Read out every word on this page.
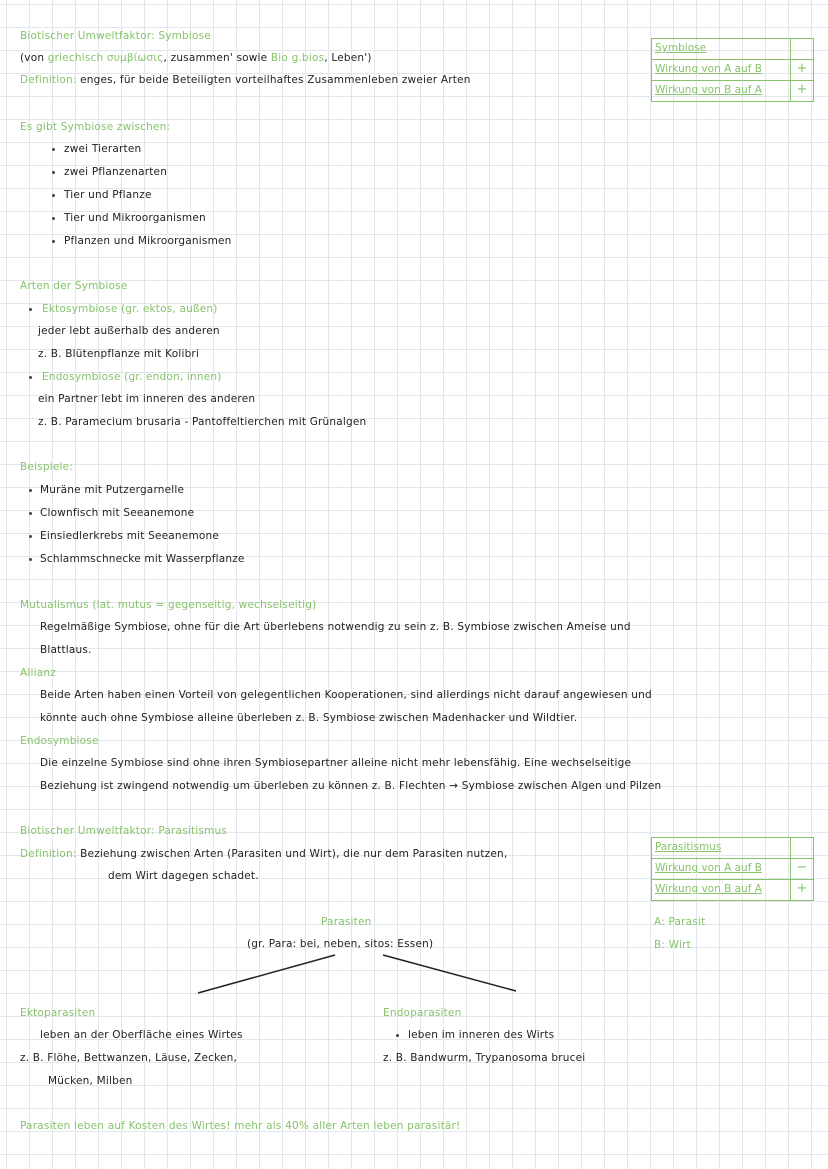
Biotischer Umweltfaktor: Symbiose
(von griechisch συμβίωσις, zusammen' sowie Bio g.bios, Leben')
Definition: enges, für beide Beteiligten vorteilhaftes Zusammenleben zweier Arten
Symbiose
Wirkung von A auf B	+
Wirkung von B auf A	+
Es gibt Symbiose zwischen:
zwei Tierarten
zwei Pflanzenarten
Tier und Pflanze
Tier und Mikroorganismen
Pflanzen und Mikroorganismen
Arten der Symbiose
Ektosymbiose (gr. ektos, außen)
jeder lebt außerhalb des anderen
z. B. Blütenpflanze mit Kolibri
Endosymbiose (gr. endon, innen)
ein Partner lebt im inneren des anderen
z. B. Paramecium brusaria - Pantoffeltierchen mit Grünalgen
Beispiele:
Muräne mit Putzergarnelle
Clownfisch mit Seeanemone
Einsiedlerkrebs mit Seeanemone
Schlammschnecke mit Wasserpflanze
Mutualismus (lat. mutus = gegenseitig, wechselseitig)
Regelmäßige Symbiose, ohne für die Art überlebens notwendig zu sein z. B. Symbiose zwischen Ameise und
Blattlaus.
Allianz
Beide Arten haben einen Vorteil von gelegentlichen Kooperationen, sind allerdings nicht darauf angewiesen und
könnte auch ohne Symbiose alleine überleben z. B. Symbiose zwischen Madenhacker und Wildtier.
Endosymbiose
Die einzelne Symbiose sind ohne ihren Symbiosepartner alleine nicht mehr lebensfähig. Eine wechselseitige
Beziehung ist zwingend notwendig um überleben zu können z. B. Flechten → Symbiose zwischen Algen und Pilzen
Biotischer Umweltfaktor: Parasitismus
Definition: Beziehung zwischen Arten (Parasiten und Wirt), die nur dem Parasiten nutzen,
dem Wirt dagegen schadet.
Parasitismus
Wirkung von A auf B	−
Wirkung von B auf A	+
A: Parasit
B: Wirt
Parasiten
(gr. Para: bei, neben, sitos: Essen)
Ektoparasiten
leben an der Oberfläche eines Wirtes
z. B. Flöhe, Bettwanzen, Läuse, Zecken,
Mücken, Milben
Endoparasiten
leben im inneren des Wirts
z. B. Bandwurm, Trypanosoma brucei
Parasiten leben auf Kosten des Wirtes! mehr als 40% aller Arten leben parasitär!
